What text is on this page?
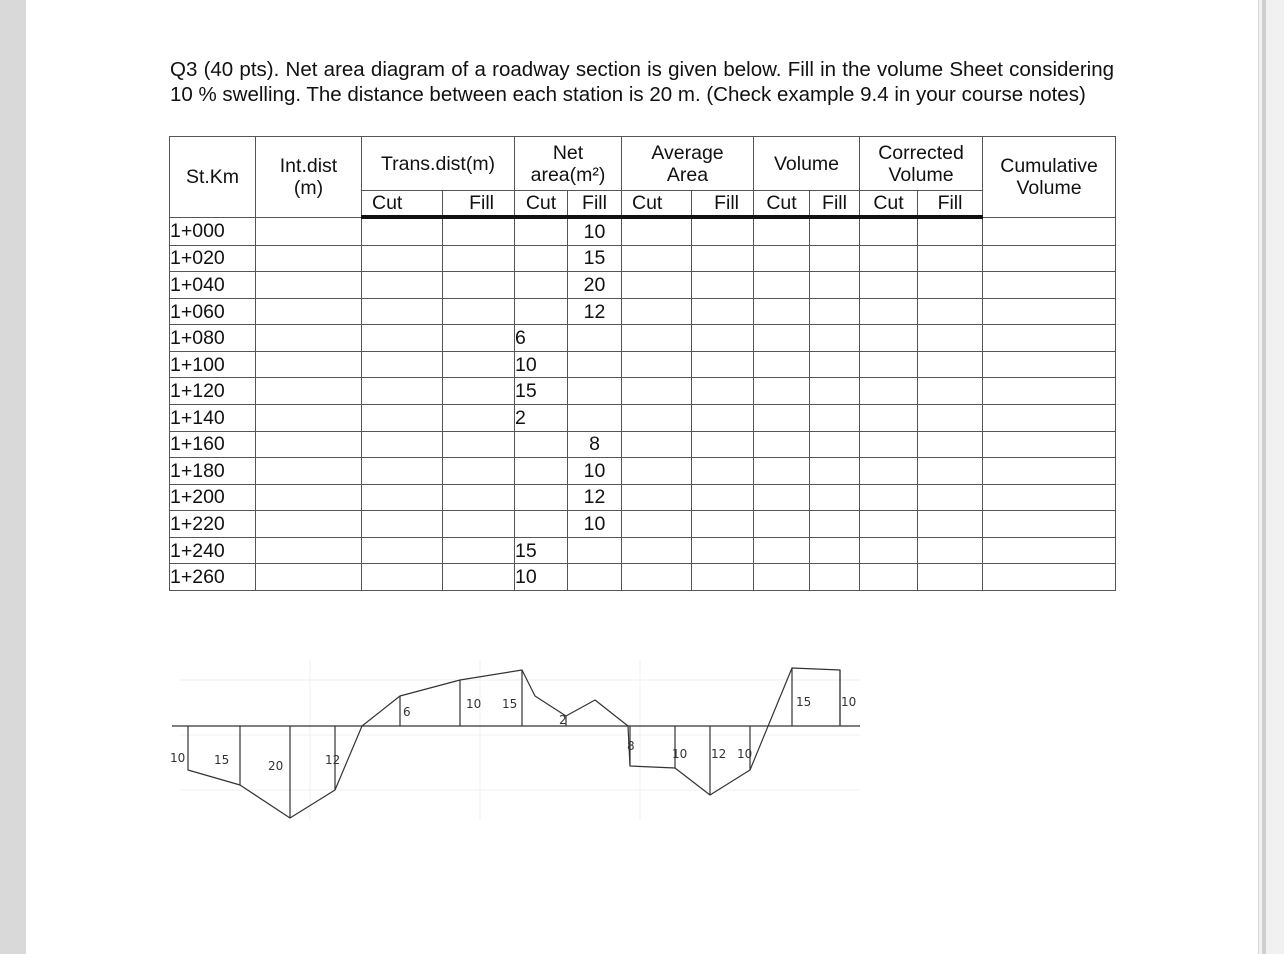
Q3 (40 pts). Net area diagram of a roadway section is given below. Fill in the volume Sheet considering 10 % swelling. The distance between each station is 20 m. (Check example 9.4 in your course notes)

St.Km	Int.dist (m)	Trans.dist(m)		Net area(m²)		Average Area		Volume		Corrected Volume		Cumulative Volume
		Cut	Fill	Cut	Fill	Cut	Fill	Cut	Fill	Cut	Fill	
1+000					10							
1+020					15							
1+040					20							
1+060					12							
1+080				6								
1+100				10								
1+120				15								
1+140				2								
1+160					8							
1+180					10							
1+200					12							
1+220					10							
1+240				15								
1+260				10								
10 15	20	12
6
10 15
2
8
10 12 10
15 10
